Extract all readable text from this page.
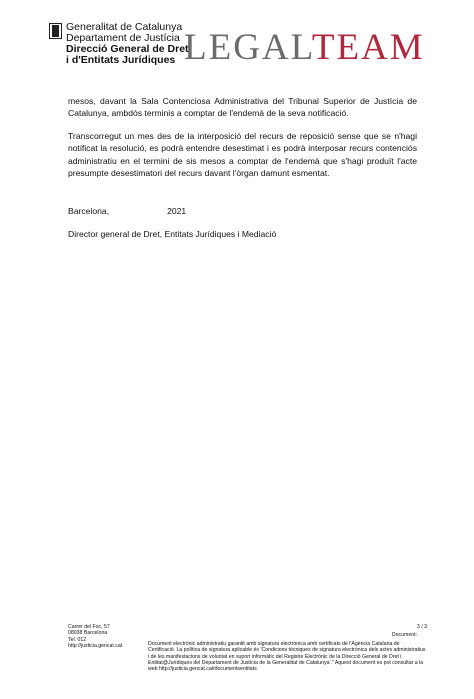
Generalitat de Catalunya
Departament de Justícia
Direcció General de Dret
i d'Entitats Jurídiques LEGALTEAM
mesos, davant la Sala Contenciosa Administrativa del Tribunal Superior de Justícia de Catalunya, ambdós terminis a comptar de l'endemà de la seva notificació.
Transcorregut un mes des de la interposició del recurs de reposició sense que se n'hagi notificat la resolució, es podrà entendre desestimat i es podrà interposar recurs contenciós administratiu en el termini de sis mesos a comptar de l'endemà que s'hagi produït l'acte presumpte desestimatori del recurs davant l'òrgan damunt esmentat.
Barcelona,	2021
Director general de Dret, Entitats Jurídiques i Mediació
Carrer del Foc, 57
08038 Barcelona
Tel. 012
http://justicia.gencat.cat
3 / 3
Document:
Document electrònic administratiu garantit amb signatura electrònica amb certificats de l'Agència Catalana de Certificació. La política de signatura aplicable és 'Condicions tècniques de signatura electrònica dels actes administratius i de les manifestacions de voluntat en suport informàtic del Registre Electrònic de la Direcció General de Dret i Entitat@Jurídiques del Departament de Justícia de la Generalitat de Catalunya'." Aquest document es pot consultar a la web http://justicia.gencat.cat/documentsentitats
